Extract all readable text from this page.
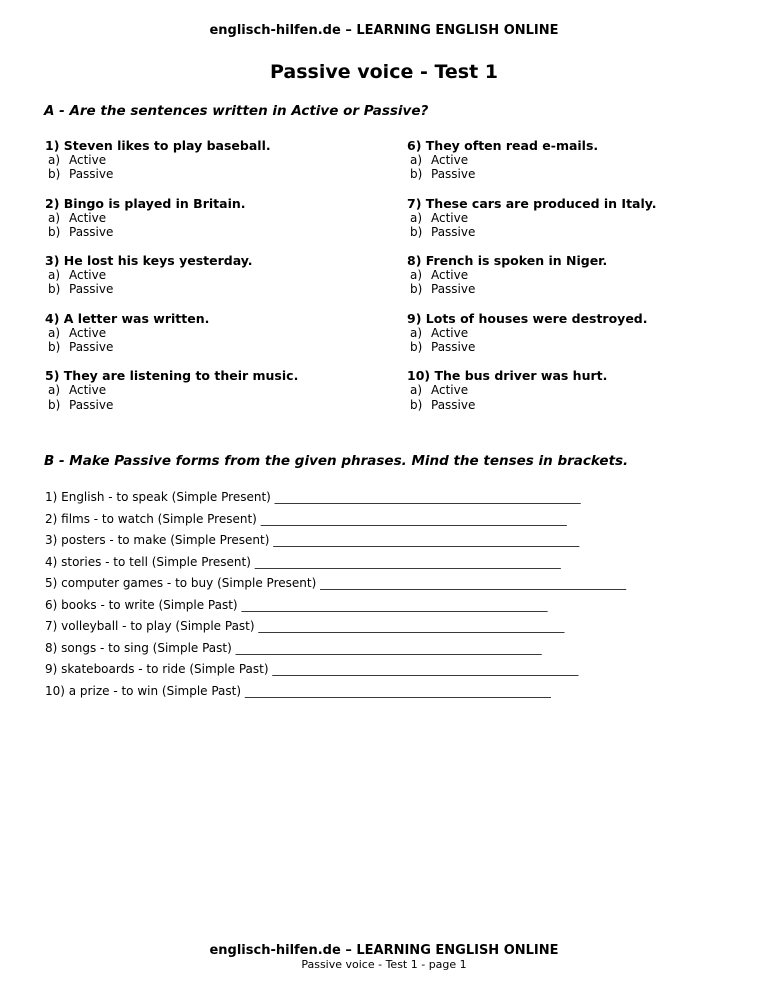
englisch-hilfen.de – LEARNING ENGLISH ONLINE
Passive voice - Test 1
A - Are the sentences written in Active or Passive?
1) Steven likes to play baseball.
a) Active
b) Passive
2) Bingo is played in Britain.
a) Active
b) Passive
3) He lost his keys yesterday.
a) Active
b) Passive
4) A letter was written.
a) Active
b) Passive
5) They are listening to their music.
a) Active
b) Passive
6) They often read e-mails.
a) Active
b) Passive
7) These cars are produced in Italy.
a) Active
b) Passive
8) French is spoken in Niger.
a) Active
b) Passive
9) Lots of houses were destroyed.
a) Active
b) Passive
10) The bus driver was hurt.
a) Active
b) Passive
B - Make Passive forms from the given phrases. Mind the tenses in brackets.
1) English - to speak (Simple Present) ___________________________________________________
2) films - to watch (Simple Present) ___________________________________________________
3) posters - to make (Simple Present) ___________________________________________________
4) stories - to tell (Simple Present) ___________________________________________________
5) computer games - to buy (Simple Present) ___________________________________________________
6) books - to write (Simple Past) ___________________________________________________
7) volleyball - to play (Simple Past) ___________________________________________________
8) songs - to sing (Simple Past) ___________________________________________________
9) skateboards - to ride (Simple Past) ___________________________________________________
10) a prize - to win (Simple Past) ___________________________________________________
englisch-hilfen.de – LEARNING ENGLISH ONLINE
Passive voice - Test 1 - page 1
